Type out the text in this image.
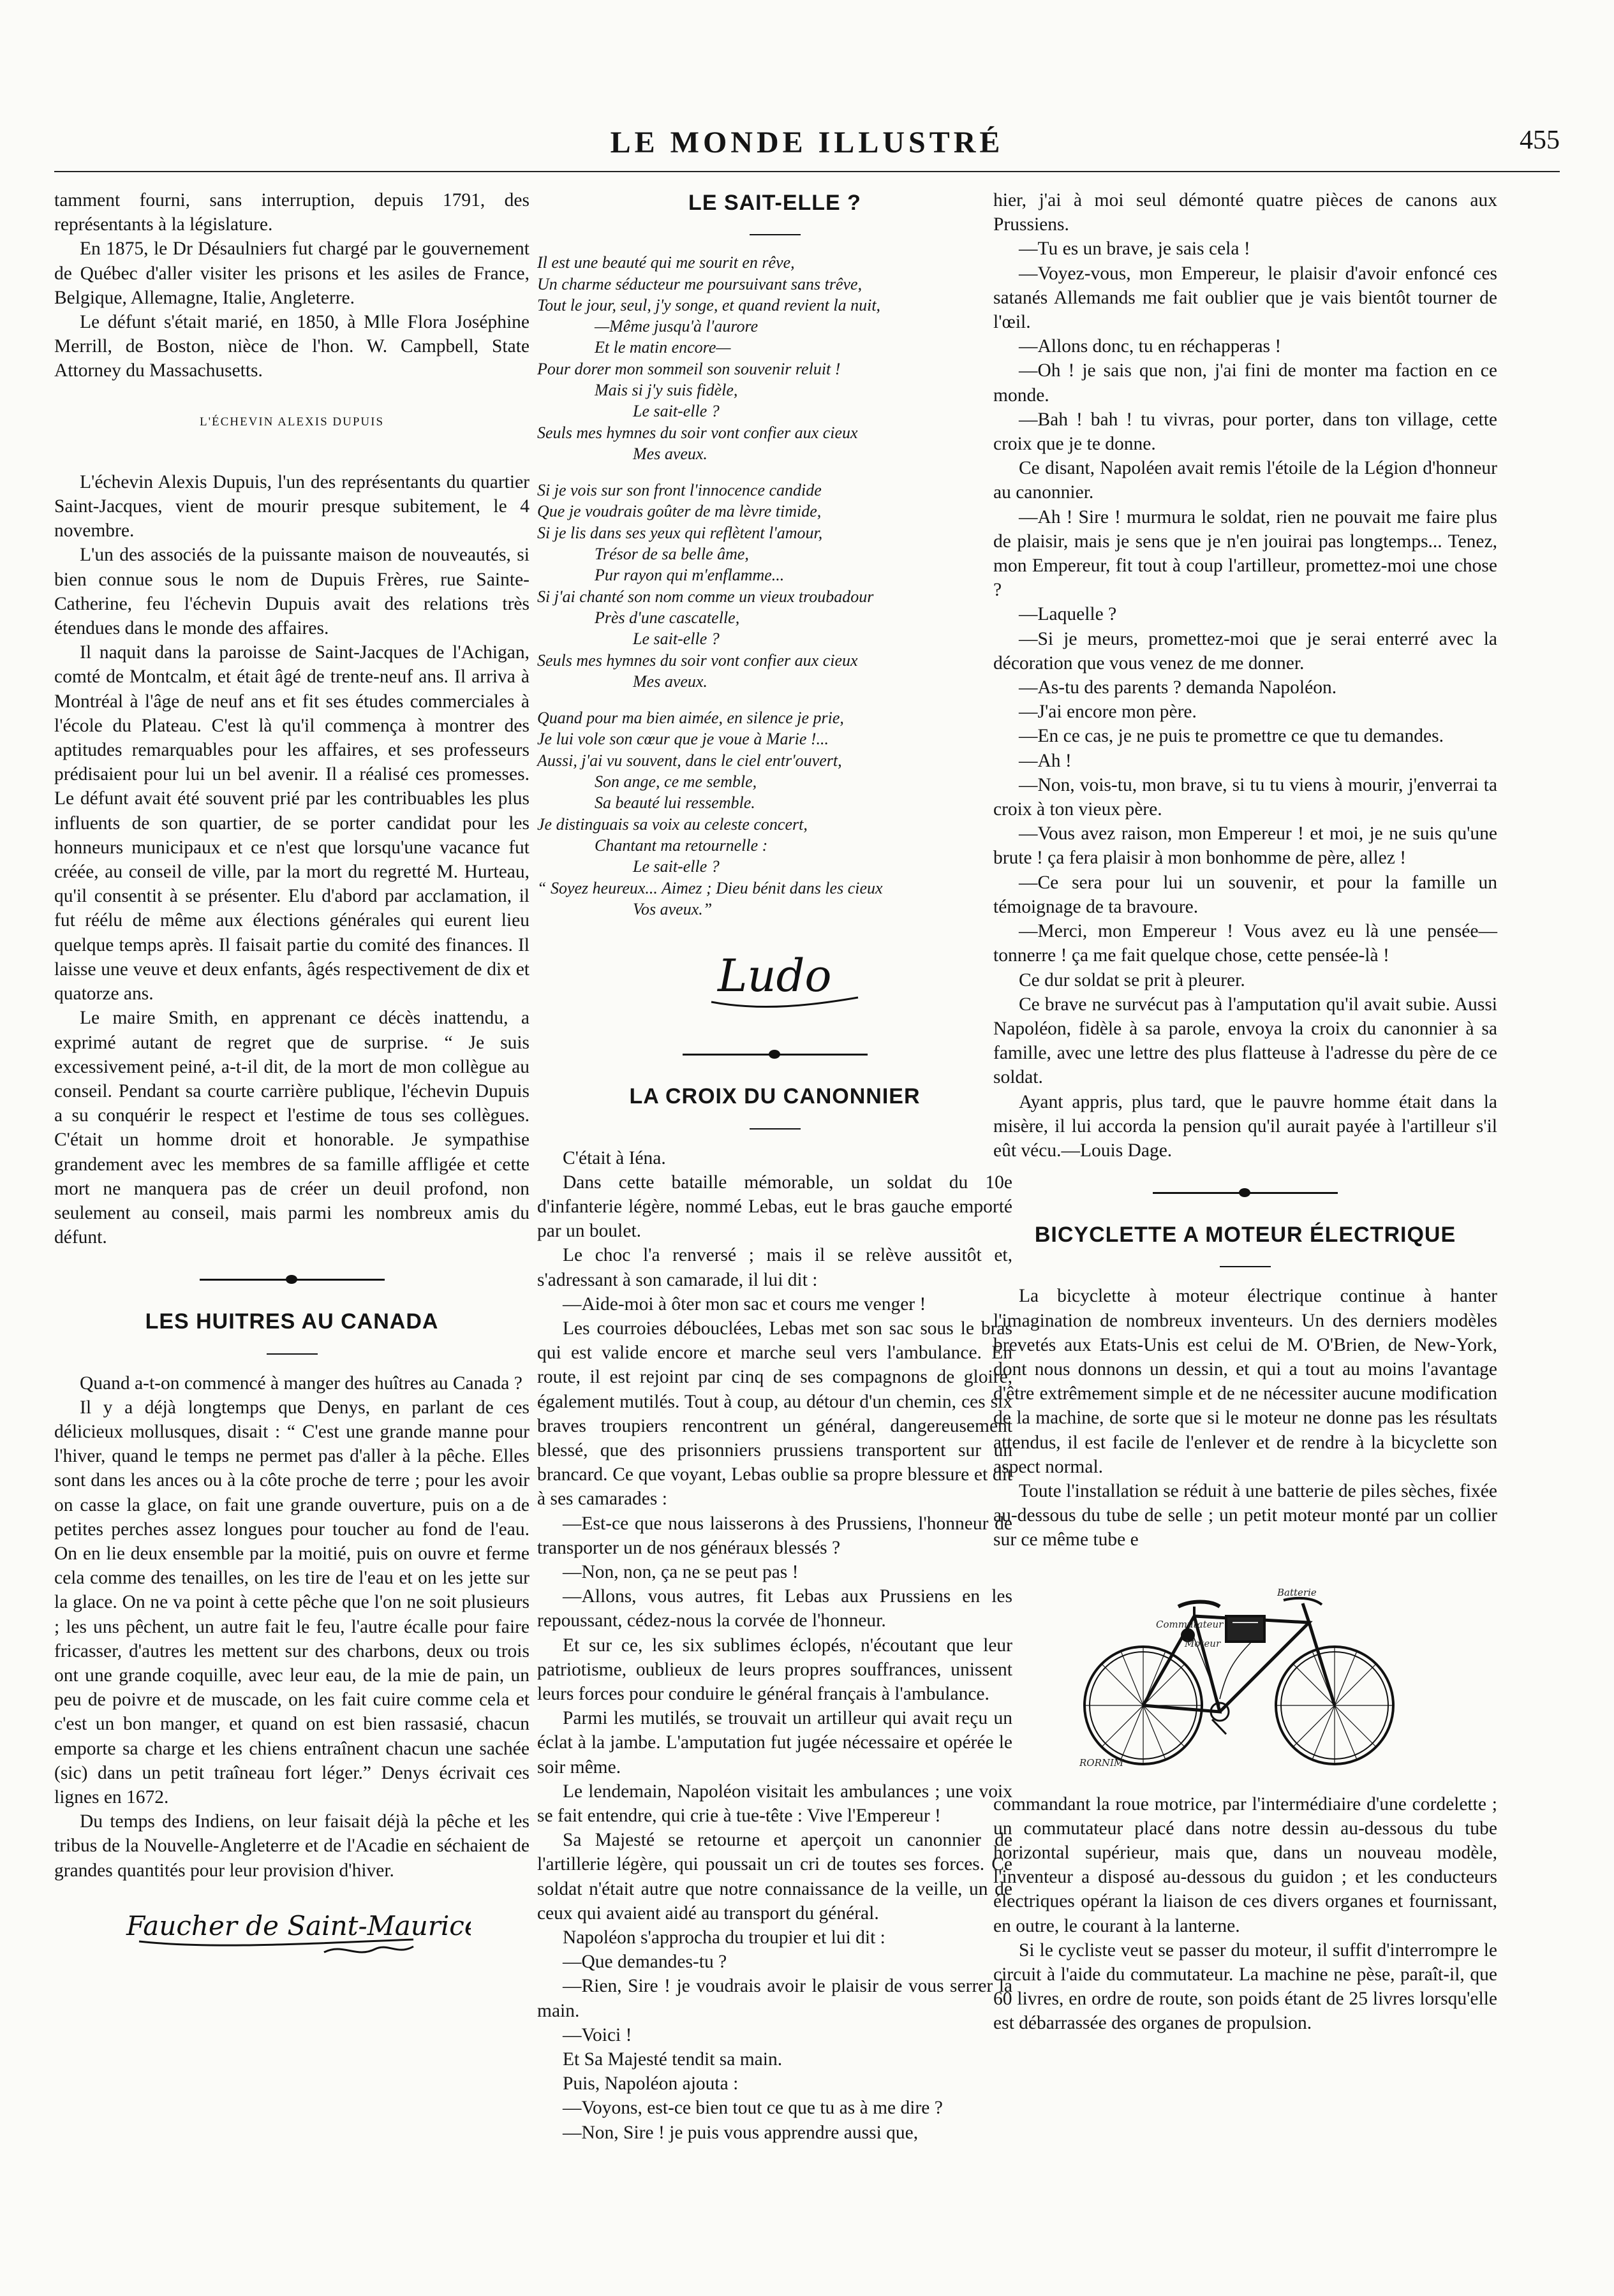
LE MONDE ILLUSTRÉ	455

tamment fourni, sans interruption, depuis 1791, des représentants à la législature.

En 1875, le Dr Désaulniers fut chargé par le gouvernement de Québec d'aller visiter les prisons et les asiles de France, Belgique, Allemagne, Italie, Angleterre.

Le défunt s'était marié, en 1850, à Mlle Flora Joséphine Merrill, de Boston, nièce de l'hon. W. Campbell, State Attorney du Massachusetts.

L'ÉCHEVIN ALEXIS DUPUIS

L'échevin Alexis Dupuis, l'un des représentants du quartier Saint-Jacques, vient de mourir presque subitement, le 4 novembre.

L'un des associés de la puissante maison de nouveautés, si bien connue sous le nom de Dupuis Frères, rue Sainte-Catherine, feu l'échevin Dupuis avait des relations très étendues dans le monde des affaires.

Il naquit dans la paroisse de Saint-Jacques de l'Achigan, comté de Montcalm, et était âgé de trente-neuf ans. Il arriva à Montréal à l'âge de neuf ans et fit ses études commerciales à l'école du Plateau. C'est là qu'il commença à montrer des aptitudes remarquables pour les affaires, et ses professeurs prédisaient pour lui un bel avenir. Il a réalisé ces promesses. Le défunt avait été souvent prié par les contribuables les plus influents de son quartier, de se porter candidat pour les honneurs municipaux et ce n'est que lorsqu'une vacance fut créée, au conseil de ville, par la mort du regretté M. Hurteau, qu'il consentit à se présenter. Elu d'abord par acclamation, il fut réélu de même aux élections générales qui eurent lieu quelque temps après. Il faisait partie du comité des finances. Il laisse une veuve et deux enfants, âgés respectivement de dix et quatorze ans.

Le maire Smith, en apprenant ce décès inattendu, a exprimé autant de regret que de surprise. “ Je suis excessivement peiné, a-t-il dit, de la mort de mon collègue au conseil. Pendant sa courte carrière publique, l'échevin Dupuis a su conquérir le respect et l'estime de tous ses collègues. C'était un homme droit et honorable. Je sympathise grandement avec les membres de sa famille affligée et cette mort ne manquera pas de créer un deuil profond, non seulement au conseil, mais parmi les nombreux amis du défunt.

LES HUITRES AU CANADA

Quand a-t-on commencé à manger des huîtres au Canada ?

Il y a déjà longtemps que Denys, en parlant de ces délicieux mollusques, disait : “ C'est une grande manne pour l'hiver, quand le temps ne permet pas d'aller à la pêche. Elles sont dans les ances ou à la côte proche de terre ; pour les avoir on casse la glace, on fait une grande ouverture, puis on a de petites perches assez longues pour toucher au fond de l'eau. On en lie deux ensemble par la moitié, puis on ouvre et ferme cela comme des tenailles, on les tire de l'eau et on les jette sur la glace. On ne va point à cette pêche que l'on ne soit plusieurs ; les uns pêchent, un autre fait le feu, l'autre écalle pour faire fricasser, d'autres les mettent sur des charbons, deux ou trois ont une grande coquille, avec leur eau, de la mie de pain, un peu de poivre et de muscade, on les fait cuire comme cela et c'est un bon manger, et quand on est bien rassasié, chacun emporte sa charge et les chiens entraînent chacun une sachée (sic) dans un petit traîneau fort léger.” Denys écrivait ces lignes en 1672.

Du temps des Indiens, on leur faisait déjà la pêche et les tribus de la Nouvelle-Angleterre et de l'Acadie en séchaient de grandes quantités pour leur provision d'hiver.

Faucher de Saint-Maurice
LE SAIT-ELLE ?
Il est une beauté qui me sourit en rêve,
Un charme séducteur me poursuivant sans trêve,
Tout le jour, seul, j'y songe, et quand revient la nuit,
—Même jusqu'à l'aurore
Et le matin encore—
Pour dorer mon sommeil son souvenir reluit !
Mais si j'y suis fidèle,
Le sait-elle ?
Seuls mes hymnes du soir vont confier aux cieux
Mes aveux.
Si je vois sur son front l'innocence candide
Que je voudrais goûter de ma lèvre timide,
Si je lis dans ses yeux qui reflètent l'amour,
Trésor de sa belle âme,
Pur rayon qui m'enflamme...
Si j'ai chanté son nom comme un vieux troubadour
Près d'une cascatelle,
Le sait-elle ?
Seuls mes hymnes du soir vont confier aux cieux
Mes aveux.
Quand pour ma bien aimée, en silence je prie,
Je lui vole son cœur que je voue à Marie !...
Aussi, j'ai vu souvent, dans le ciel entr'ouvert,
Son ange, ce me semble,
Sa beauté lui ressemble.
Je distinguais sa voix au celeste concert,
Chantant ma retournelle :
Le sait-elle ?
“ Soyez heureux... Aimez ; Dieu bénit dans les cieux
Vos aveux.”
Ludo
LA CROIX DU CANONNIER

C'était à Iéna.

Dans cette bataille mémorable, un soldat du 10e d'infanterie légère, nommé Lebas, eut le bras gauche emporté par un boulet.

Le choc l'a renversé ; mais il se relève aussitôt et, s'adressant à son camarade, il lui dit :

—Aide-moi à ôter mon sac et cours me venger !

Les courroies débouclées, Lebas met son sac sous le bras qui est valide encore et marche seul vers l'ambulance. En route, il est rejoint par cinq de ses compagnons de gloire, également mutilés. Tout à coup, au détour d'un chemin, ces six braves troupiers rencontrent un général, dangereusement blessé, que des prisonniers prussiens transportent sur un brancard. Ce que voyant, Lebas oublie sa propre blessure et dit à ses camarades :

—Est-ce que nous laisserons à des Prussiens, l'honneur de transporter un de nos généraux blessés ?

—Non, non, ça ne se peut pas !

—Allons, vous autres, fit Lebas aux Prussiens en les repoussant, cédez-nous la corvée de l'honneur.

Et sur ce, les six sublimes éclopés, n'écoutant que leur patriotisme, oublieux de leurs propres souffrances, unissent leurs forces pour conduire le général français à l'ambulance.

Parmi les mutilés, se trouvait un artilleur qui avait reçu un éclat à la jambe. L'amputation fut jugée nécessaire et opérée le soir même.

Le lendemain, Napoléon visitait les ambulances ; une voix se fait entendre, qui crie à tue-tête : Vive l'Empereur !

Sa Majesté se retourne et aperçoit un canonnier de l'artillerie légère, qui poussait un cri de toutes ses forces. Ce soldat n'était autre que notre connaissance de la veille, un de ceux qui avaient aidé au transport du général.

Napoléon s'approcha du troupier et lui dit :

—Que demandes-tu ?

—Rien, Sire ! je voudrais avoir le plaisir de vous serrer la main.

—Voici !

Et Sa Majesté tendit sa main.

Puis, Napoléon ajouta :

—Voyons, est-ce bien tout ce que tu as à me dire ?

—Non, Sire ! je puis vous apprendre aussi que,

hier, j'ai à moi seul démonté quatre pièces de canons aux Prussiens.

—Tu es un brave, je sais cela !

—Voyez-vous, mon Empereur, le plaisir d'avoir enfoncé ces satanés Allemands me fait oublier que je vais bientôt tourner de l'œil.

—Allons donc, tu en réchapperas !

—Oh ! je sais que non, j'ai fini de monter ma faction en ce monde.

—Bah ! bah ! tu vivras, pour porter, dans ton village, cette croix que je te donne.

Ce disant, Napoléen avait remis l'étoile de la Légion d'honneur au canonnier.

—Ah ! Sire ! murmura le soldat, rien ne pouvait me faire plus de plaisir, mais je sens que je n'en jouirai pas longtemps... Tenez, mon Empereur, fit tout à coup l'artilleur, promettez-moi une chose ?

—Laquelle ?

—Si je meurs, promettez-moi que je serai enterré avec la décoration que vous venez de me donner.

—As-tu des parents ? demanda Napoléon.

—J'ai encore mon père.

—En ce cas, je ne puis te promettre ce que tu demandes.

—Ah !

—Non, vois-tu, mon brave, si tu tu viens à mourir, j'enverrai ta croix à ton vieux père.

—Vous avez raison, mon Empereur ! et moi, je ne suis qu'une brute ! ça fera plaisir à mon bonhomme de père, allez !

—Ce sera pour lui un souvenir, et pour la famille un témoignage de ta bravoure.

—Merci, mon Empereur ! Vous avez eu là une pensée—tonnerre ! ça me fait quelque chose, cette pensée-là !

Ce dur soldat se prit à pleurer.

Ce brave ne survécut pas à l'amputation qu'il avait subie. Aussi Napoléon, fidèle à sa parole, envoya la croix du canonnier à sa famille, avec une lettre des plus flatteuse à l'adresse du père de ce soldat.

Ayant appris, plus tard, que le pauvre homme était dans la misère, il lui accorda la pension qu'il aurait payée à l'artilleur s'il eût vécu.—Louis Dage.

BICYCLETTE A MOTEUR ÉLECTRIQUE

La bicyclette à moteur électrique continue à hanter l'imagination de nombreux inventeurs. Un des derniers modèles brevetés aux Etats-Unis est celui de M. O'Brien, de New-York, dont nous donnons un dessin, et qui a tout au moins l'avantage d'être extrêmement simple et de ne nécessiter aucune modification de la machine, de sorte que si le moteur ne donne pas les résultats attendus, il est facile de l'enlever et de rendre à la bicyclette son aspect normal.

Toute l'installation se réduit à une batterie de piles sèches, fixée au-dessous du tube de selle ; un petit moteur monté par un collier sur ce même tube e

Batterie
Commutateur
Moteur
RORNIM

commandant la roue motrice, par l'intermédiaire d'une cordelette ; un commutateur placé dans notre dessin au-dessous du tube horizontal supérieur, mais que, dans un nouveau modèle, l'inventeur a disposé au-dessous du guidon ; et les conducteurs électriques opérant la liaison de ces divers organes et fournissant, en outre, le courant à la lanterne.

Si le cycliste veut se passer du moteur, il suffit d'interrompre le circuit à l'aide du commutateur. La machine ne pèse, paraît-il, que 60 livres, en ordre de route, son poids étant de 25 livres lorsqu'elle est débarrassée des organes de propulsion.
